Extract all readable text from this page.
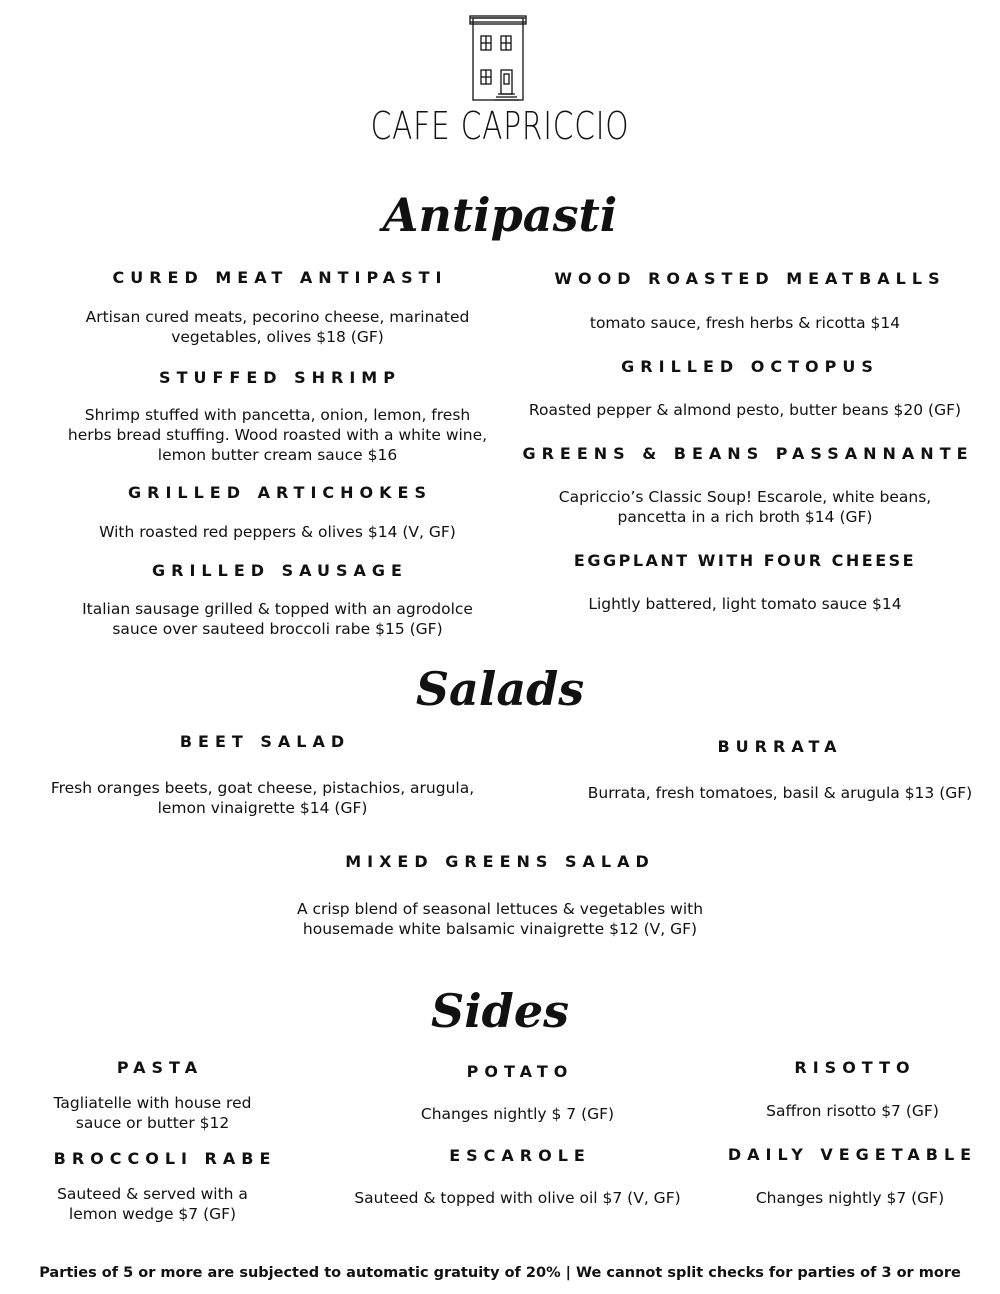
CAFE CAPRICCIO
Antipasti
CURED MEAT ANTIPASTI
Artisan cured meats, pecorino cheese, marinated vegetables, olives $18 (GF)
STUFFED SHRIMP
Shrimp stuffed with pancetta, onion, lemon, fresh herbs bread stuffing. Wood roasted with a white wine, lemon butter cream sauce $16
GRILLED ARTICHOKES
With roasted red peppers & olives $14 (V, GF)
GRILLED SAUSAGE
Italian sausage grilled & topped with an agrodolce sauce over sauteed broccoli rabe $15 (GF)
WOOD ROASTED MEATBALLS
tomato sauce, fresh herbs & ricotta $14
GRILLED OCTOPUS
Roasted pepper & almond pesto, butter beans $20 (GF)
GREENS & BEANS PASSANNANTE
Capriccio’s Classic Soup! Escarole, white beans, pancetta in a rich broth $14 (GF)
EGGPLANT WITH FOUR CHEESE
Lightly battered, light tomato sauce $14
Salads
BEET SALAD
Fresh oranges beets, goat cheese, pistachios, arugula, lemon vinaigrette $14 (GF)
BURRATA
Burrata, fresh tomatoes, basil & arugula $13 (GF)
MIXED GREENS SALAD
A crisp blend of seasonal lettuces & vegetables with housemade white balsamic vinaigrette $12 (V, GF)
Sides
PASTA
Tagliatelle with house red sauce or butter $12
POTATO
Changes nightly $ 7 (GF)
RISOTTO
Saffron risotto $7 (GF)
BROCCOLI RABE
Sauteed & served with a lemon wedge $7 (GF)
ESCAROLE
Sauteed & topped with olive oil $7 (V, GF)
DAILY VEGETABLE
Changes nightly $7 (GF)
Parties of 5 or more are subjected to automatic gratuity of 20% | We cannot split checks for parties of 3 or more
